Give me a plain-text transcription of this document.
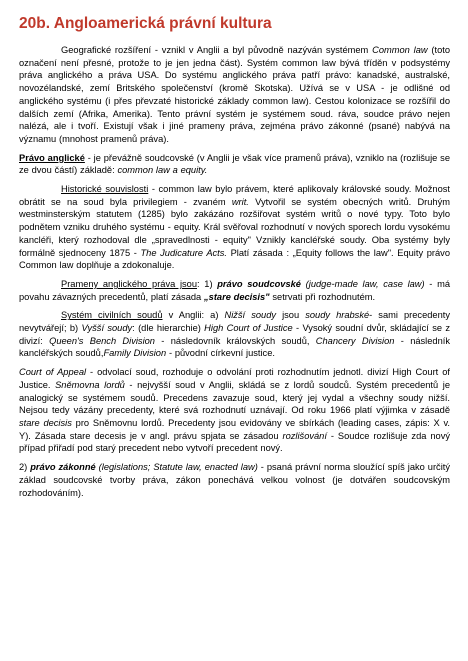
20b. Angloamerická právní kultura

Geografické rozšíření - vznikl v Anglii a byl původně nazýván systémem Common law (toto označení není přesné, protože to je jen jedna část). Systém common law bývá tříděn v podsystémy práva anglického a práva USA. Do systému anglického práva patří právo: kanadské, australské, novozélandské, zemí Britského společenství (kromě Skotska). Užívá se v USA - je odlišné od anglického systému (i přes převzaté historické základy common law). Cestou kolonizace se rozšířil do dalších zemí (Afrika, Amerika). Tento právní systém je systémem soud. ráva, soudce právo nejen nalézá, ale i tvoří. Existují však i jiné prameny práva, zejména právo zákonné (psané) nabývá na významu (mnohost pramenů práva).

Právo anglické - je převážně soudcovské (v Anglii je však více pramenů práva), vzniklo na (rozlišuje se ze dvou částí) základě: common law a equity.

Historické souvislosti - common law bylo právem, které aplikovaly královské soudy. Možnost obrátit se na soud byla privilegiem - zvaném writ. Vytvořil se systém obecných writů. Druhým westminsterským statutem (1285) bylo zakázáno rozšiřovat systém writů o nové typy. Toto bylo podnětem vzniku druhého systému - equity. Král svěřoval rozhodnutí v nových sporech lordu vysokému kancléři, který rozhodoval dle „spravedlnosti - equity" Vznikly kancléřské soudy. Oba systémy byly formálně sjednoceny 1875 - The Judicature Acts. Platí zásada : „Equity follows the law". Equity právo Common law doplňuje a zdokonaluje.

Prameny anglického práva jsou: 1) právo soudcovské (judge-made law, case law) - má povahu závazných precedentů, platí zásada „stare decisis" setrvati při rozhodnutém.

Systém civilních soudů v Anglii: a) Nižší soudy jsou soudy hrabské- sami precedenty nevytvářejí; b) Vyšší soudy: (dle hierarchie) High Court of Justice - Vysoký soudní dvůr, skládající se z divizí: Queen's Bench Division - následovník královských soudů, Chancery Division - následník kancléřských soudů,Family Division - původní církevní justice.

Court of Appeal - odvolací soud, rozhoduje o odvolání proti rozhodnutím jednotl. divizí High Court of Justice. Sněmovna lordů - nejvyšší soud v Anglii, skládá se z lordů soudců. Systém precedentů je analogický se systémem soudů. Precedens zavazuje soud, který jej vydal a všechny soudy nižší. Nejsou tedy vázány precedenty, které svá rozhodnutí uznávají. Od roku 1966 platí výjimka v zásadě stare decisis pro Sněmovnu lordů. Precedenty jsou evidovány ve sbírkách (leading cases, zápis: X v. Y). Zásada stare decesis je v angl. právu spjata se zásadou rozlišování - Soudce rozlišuje zda nový případ přiřadí pod starý precedent nebo vytvoří precedent nový.

2) právo zákonné (legislations; Statute law, enacted law) - psaná právní norma sloužící spíš jako určitý základ soudcovské tvorby práva, zákon ponechává velkou volnost (je dotvářen soudcovským rozhodováním).
